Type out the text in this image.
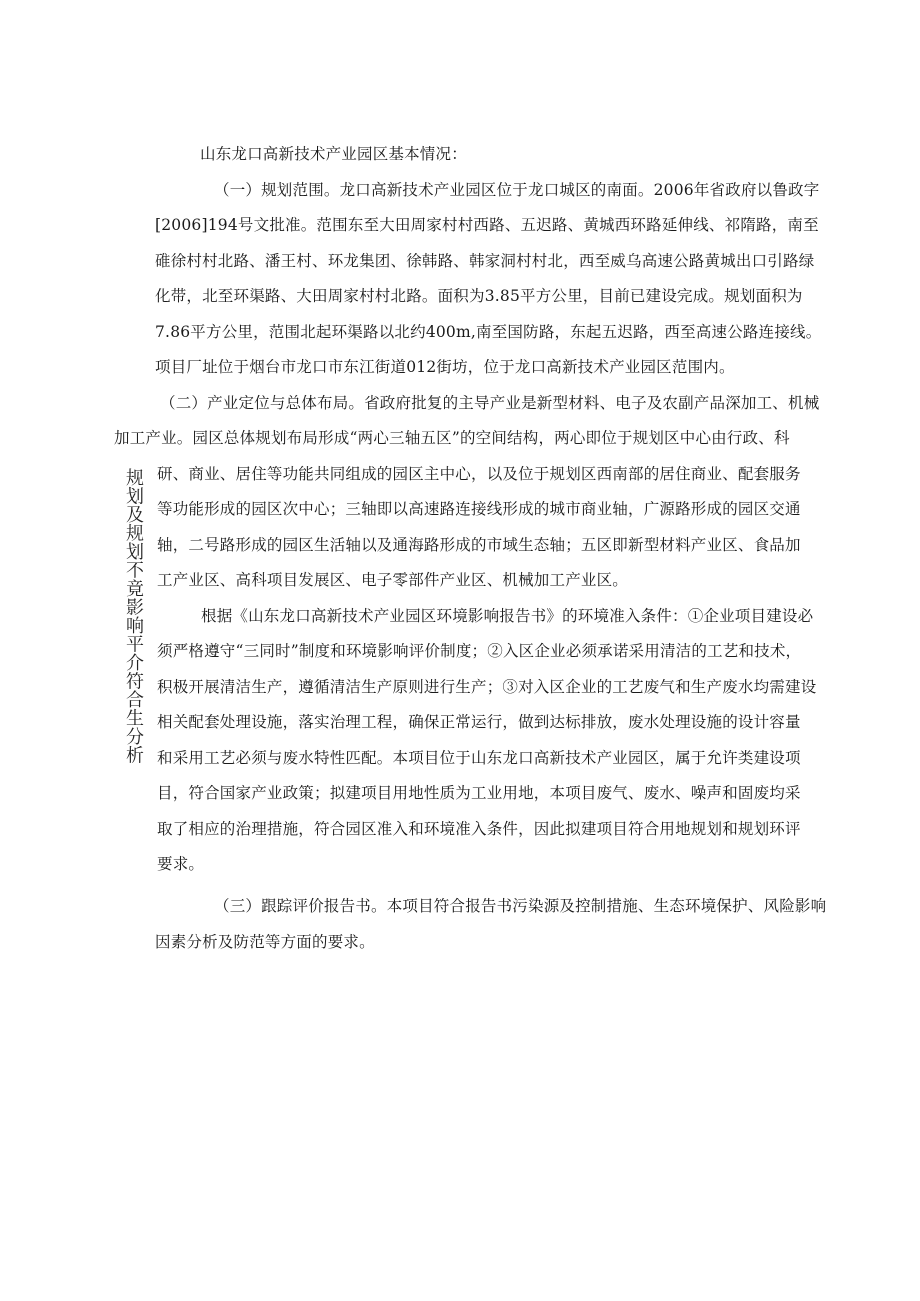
山东龙口高新技术产业园区基本情况：
（一）规划范围。龙口高新技术产业园区位于龙口城区的南面。2006年省政府以鲁政字
[2006]194号文批准。范围东至大田周家村村西路、五迟路、黄城西环路延伸线、祁隋路，南至
碓徐村村北路、潘王村、环龙集团、徐韩路、韩家洞村村北，西至威乌高速公路黄城出口引路绿
化带，北至环渠路、大田周家村村北路。面积为3.85平方公里，目前已建设完成。规划面积为
7.86平方公里，范围北起环渠路以北约400m,南至国防路，东起五迟路，西至高速公路连接线。
项目厂址位于烟台市龙口市东江街道012街坊，位于龙口高新技术产业园区范围内。
（二）产业定位与总体布局。省政府批复的主导产业是新型材料、电子及农副产品深加工、机械
加工产业。园区总体规划布局形成“两心三轴五区”的空间结构，两心即位于规划区中心由行政、科
研、商业、居住等功能共同组成的园区主中心，以及位于规划区西南部的居住商业、配套服务
等功能形成的园区次中心；三轴即以高速路连接线形成的城市商业轴，广源路形成的园区交通
轴，二号路形成的园区生活轴以及通海路形成的市域生态轴；五区即新型材料产业区、食品加
工产业区、高科项目发展区、电子零部件产业区、机械加工产业区。
规划及规划不竟影响平介符合生分析	根据《山东龙口高新技术产业园区环境影响报告书》的环境准入条件：①企业项目建设必
须严格遵守“三同时”制度和环境影响评价制度；②入区企业必须承诺采用清洁的工艺和技术，
积极开展清洁生产，遵循清洁生产原则进行生产；③对入区企业的工艺废气和生产废水均需建设
相关配套处理设施，落实治理工程，确保正常运行，做到达标排放，废水处理设施的设计容量
和采用工艺必须与废水特性匹配。本项目位于山东龙口高新技术产业园区，属于允许类建设项
目，符合国家产业政策；拟建项目用地性质为工业用地，本项目废气、废水、噪声和固废均采
取了相应的治理措施，符合园区准入和环境准入条件，因此拟建项目符合用地规划和规划环评
要求。
（三）跟踪评价报告书。本项目符合报告书污染源及控制措施、生态环境保护、风险影响
因素分析及防范等方面的要求。
